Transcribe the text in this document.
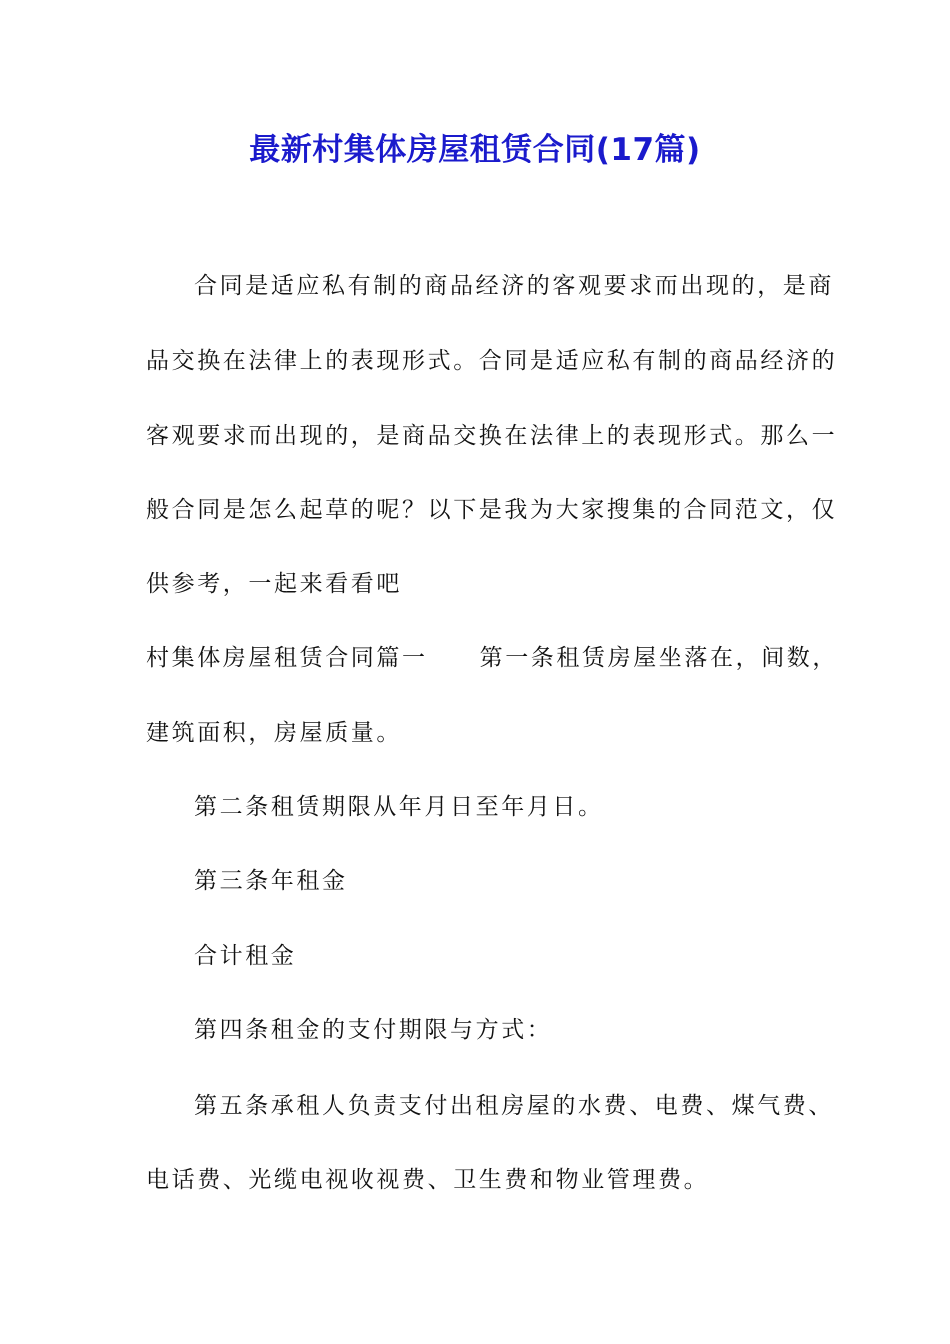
最新村集体房屋租赁合同(17篇)
合同是适应私有制的商品经济的客观要求而出现的，是商
品交换在法律上的表现形式。合同是适应私有制的商品经济的
客观要求而出现的，是商品交换在法律上的表现形式。那么一
般合同是怎么起草的呢？以下是我为大家搜集的合同范文，仅
供参考，一起来看看吧
村集体房屋租赁合同篇一 第一条租赁房屋坐落在，间数，
建筑面积，房屋质量。
第二条租赁期限从年月日至年月日。
第三条年租金
合计租金
第四条租金的支付期限与方式：
第五条承租人负责支付出租房屋的水费、电费、煤气费、
电话费、光缆电视收视费、卫生费和物业管理费。
